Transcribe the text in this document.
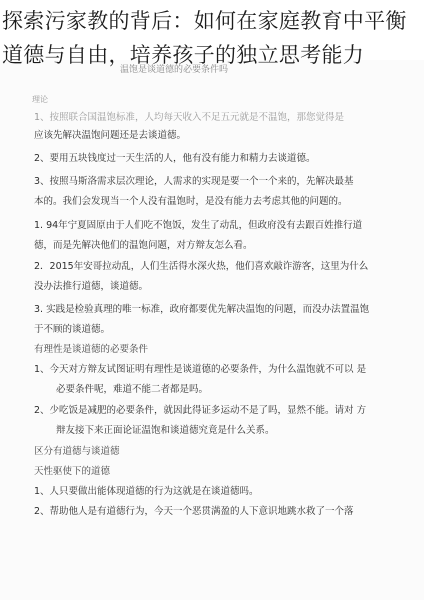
探索污家教的背后：如何在家庭教育中平衡道德与自由，培养孩子的独立思考能力
温饱是谈道德的必要条件吗
理论
1、按照联合国温饱标准，人均每天收入不足五元就是不温饱，那您觉得是
应该先解决温饱问题还是去谈道德。
2、要用五块钱度过一天生活的人，他有没有能力和精力去谈道德。
3、按照马斯洛需求层次理论，人需求的实现是要一个一个来的，先解决最基
本的。我们会发现当一个人没有温饱时，是没有能力去考虑其他的问题的。
1. 94年宁夏固原由于人们吃不饱饭，发生了动乱，但政府没有去跟百姓推行道
德，而是先解决他们的温饱问题，对方辩友怎么看。
2．2015年安哥拉动乱，人们生活得水深火热，他们喜欢敲诈游客，这里为什么
没办法推行道德，谈道德。
3. 实践是检验真理的唯一标准，政府都要优先解决温饱的问题，而没办法置温饱
于不顾的谈道德。
有理性是谈道德的必要条件
1、今天对方辩友试图证明有理性是谈道德的必要条件，为什么温饱就不可以 是
必要条件呢，难道不能二者都是吗。
2、少吃饭是减肥的必要条件，就因此得证多运动不是了吗，显然不能。请对 方
辩友接下来正面论证温饱和谈道德究竟是什么关系。
区分有道德与谈道德
天性驱使下的道德
1、人只要做出能体现道德的行为这就是在谈道德吗。
2、帮助他人是有道德行为，今天一个恶贯满盈的人下意识地跳水救了一个落
